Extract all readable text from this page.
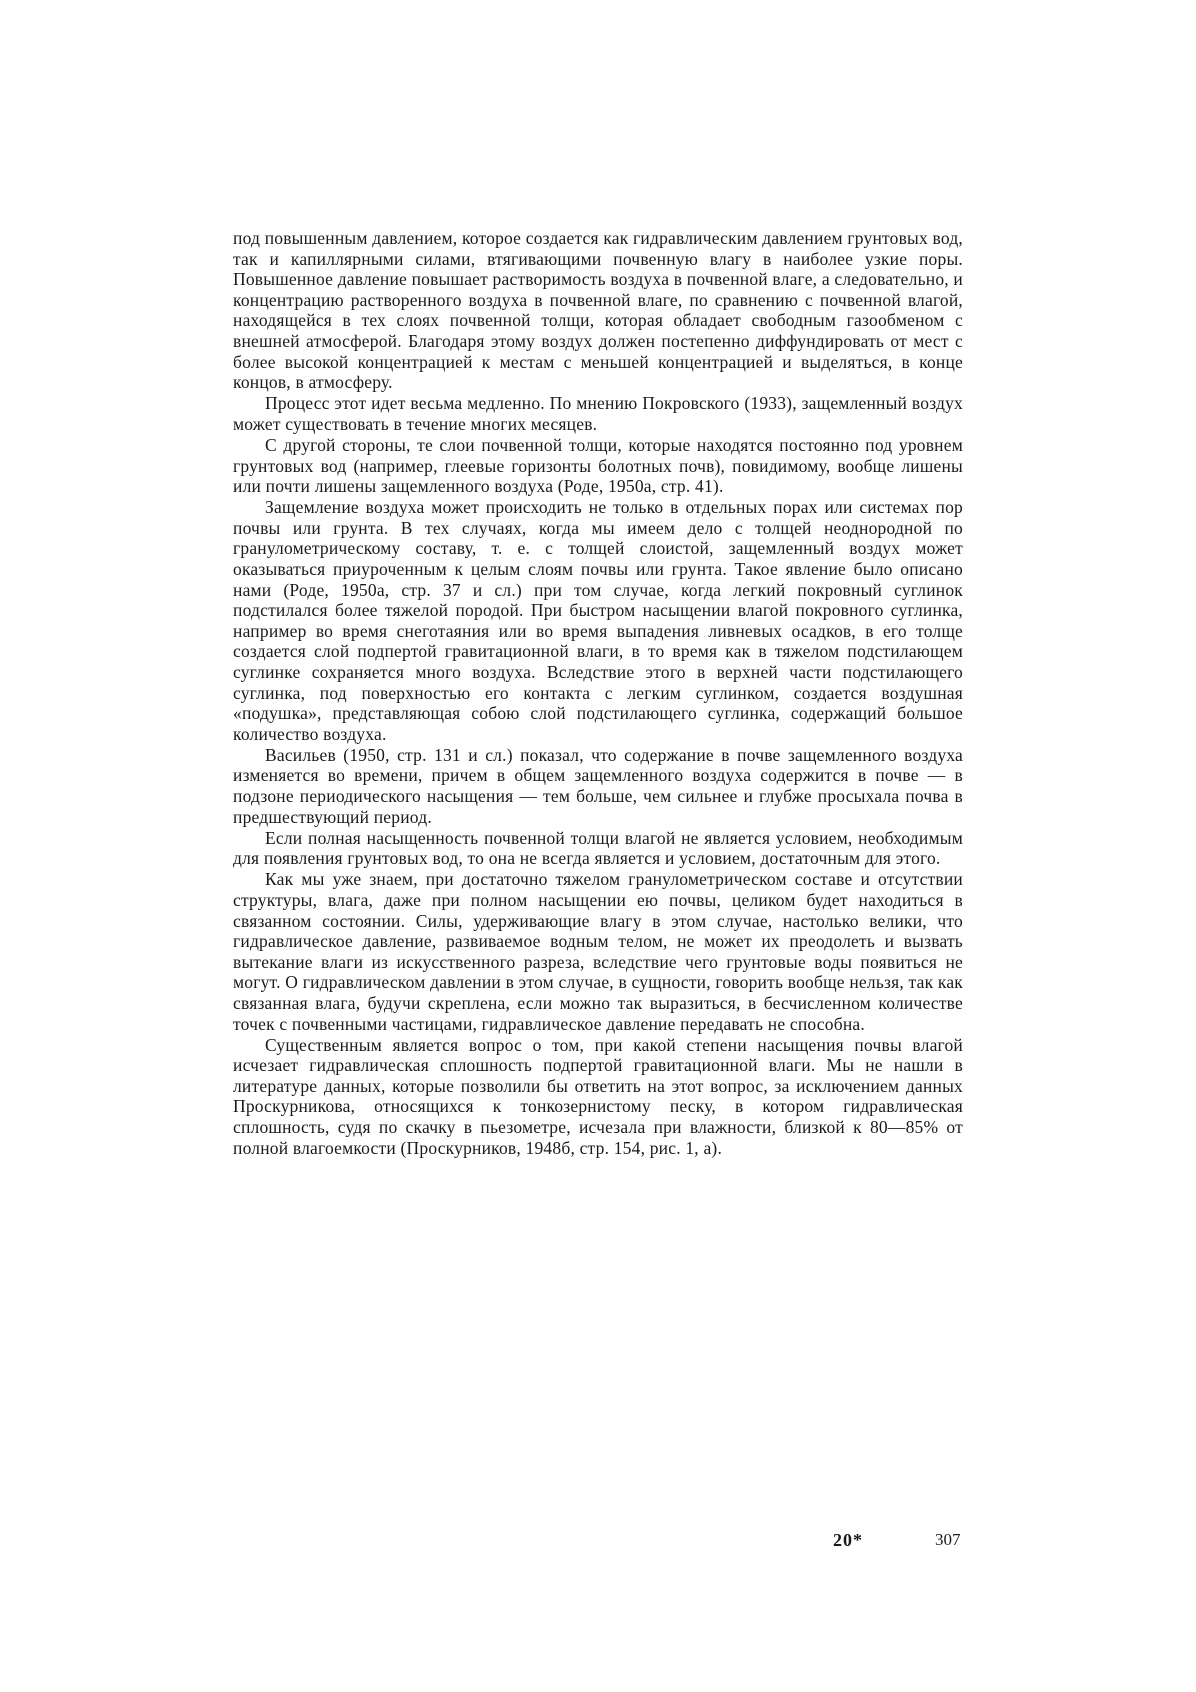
под повышенным давлением, которое создается как гидравлическим давлением грунтовых вод, так и капиллярными силами, втягивающими почвенную влагу в наиболее узкие поры. Повышенное давление повышает растворимость воздуха в почвенной влаге, а следовательно, и концентрацию растворенного воздуха в почвенной влаге, по сравнению с почвенной влагой, находящейся в тех слоях почвенной толщи, которая обладает свободным газообменом с внешней атмосферой. Благодаря этому воздух должен постепенно диффундировать от мест с более высокой концентрацией к местам с меньшей концентрацией и выделяться, в конце концов, в атмосферу.

Процесс этот идет весьма медленно. По мнению Покровского (1933), защемленный воздух может существовать в течение многих месяцев.

С другой стороны, те слои почвенной толщи, которые находятся постоянно под уровнем грунтовых вод (например, глеевые горизонты болотных почв), повидимому, вообще лишены или почти лишены защемленного воздуха (Роде, 1950а, стр. 41).

Защемление воздуха может происходить не только в отдельных порах или системах пор почвы или грунта. В тех случаях, когда мы имеем дело с толщей неоднородной по гранулометрическому составу, т. е. с толщей слоистой, защемленный воздух может оказываться приуроченным к целым слоям почвы или грунта. Такое явление было описано нами (Роде, 1950а, стр. 37 и сл.) при том случае, когда легкий покровный суглинок подстилался более тяжелой породой. При быстром насыщении влагой покровного суглинка, например во время снеготаяния или во время выпадения ливневых осадков, в его толще создается слой подпертой гравитационной влаги, в то время как в тяжелом подстилающем суглинке сохраняется много воздуха. Вследствие этого в верхней части подстилающего суглинка, под поверхностью его контакта с легким суглинком, создается воздушная «подушка», представляющая собою слой подстилающего суглинка, содержащий большое количество воздуха.

Васильев (1950, стр. 131 и сл.) показал, что содержание в почве защемленного воздуха изменяется во времени, причем в общем защемленного воздуха содержится в почве — в подзоне периодического насыщения — тем больше, чем сильнее и глубже просыхала почва в предшествующий период.

Если полная насыщенность почвенной толщи влагой не является условием, необходимым для появления грунтовых вод, то она не всегда является и условием, достаточным для этого.

Как мы уже знаем, при достаточно тяжелом гранулометрическом составе и отсутствии структуры, влага, даже при полном насыщении ею почвы, целиком будет находиться в связанном состоянии. Силы, удерживающие влагу в этом случае, настолько велики, что гидравлическое давление, развиваемое водным телом, не может их преодолеть и вызвать вытекание влаги из искусственного разреза, вследствие чего грунтовые воды появиться не могут. О гидравлическом давлении в этом случае, в сущности, говорить вообще нельзя, так как связанная влага, будучи скреплена, если можно так выразиться, в бесчисленном количестве точек с почвенными частицами, гидравлическое давление передавать не способна.

Существенным является вопрос о том, при какой степени насыщения почвы влагой исчезает гидравлическая сплошность подпертой гравитационной влаги. Мы не нашли в литературе данных, которые позволили бы ответить на этот вопрос, за исключением данных Проскурникова, относящихся к тонкозернистому песку, в котором гидравлическая сплошность, судя по скачку в пьезометре, исчезала при влажности, близкой к 80—85% от полной влагоемкости (Проскурников, 1948б, стр. 154, рис. 1, а).

20*	307
